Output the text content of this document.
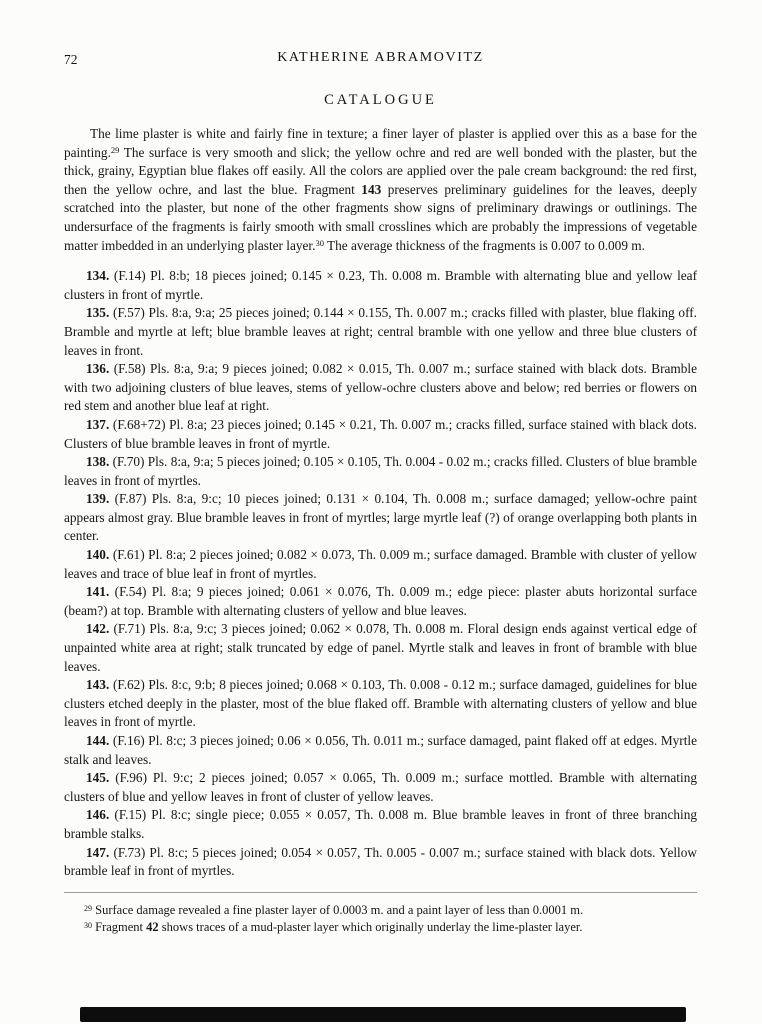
72	KATHERINE ABRAMOVITZ
CATALOGUE

The lime plaster is white and fairly fine in texture; a finer layer of plaster is applied over this as a base for the painting.$^{29}$ The surface is very smooth and slick; the yellow ochre and red are well bonded with the plaster, but the thick, grainy, Egyptian blue flakes off easily. All the colors are applied over the pale cream background: the red first, then the yellow ochre, and last the blue. Fragment 143 preserves preliminary guidelines for the leaves, deeply scratched into the plaster, but none of the other fragments show signs of preliminary drawings or outlinings. The undersurface of the fragments is fairly smooth with small crosslines which are probably the impressions of vegetable matter imbedded in an underlying plaster layer.$^{30}$ The average thickness of the fragments is 0.007 to 0.009 m.

134. (F.14) Pl. 8:b; 18 pieces joined; 0.145 × 0.23, Th. 0.008 m. Bramble with alternating blue and yellow leaf clusters in front of myrtle.

135. (F.57) Pls. 8:a, 9:a; 25 pieces joined; 0.144 × 0.155, Th. 0.007 m.; cracks filled with plaster, blue flaking off. Bramble and myrtle at left; blue bramble leaves at right; central bramble with one yellow and three blue clusters of leaves in front.

136. (F.58) Pls. 8:a, 9:a; 9 pieces joined; 0.082 × 0.015, Th. 0.007 m.; surface stained with black dots. Bramble with two adjoining clusters of blue leaves, stems of yellow-ochre clusters above and below; red berries or flowers on red stem and another blue leaf at right.

137. (F.68+72) Pl. 8:a; 23 pieces joined; 0.145 × 0.21, Th. 0.007 m.; cracks filled, surface stained with black dots. Clusters of blue bramble leaves in front of myrtle.

138. (F.70) Pls. 8:a, 9:a; 5 pieces joined; 0.105 × 0.105, Th. 0.004 - 0.02 m.; cracks filled. Clusters of blue bramble leaves in front of myrtles.

139. (F.87) Pls. 8:a, 9:c; 10 pieces joined; 0.131 × 0.104, Th. 0.008 m.; surface damaged; yellow-ochre paint appears almost gray. Blue bramble leaves in front of myrtles; large myrtle leaf (?) of orange overlapping both plants in center.

140. (F.61) Pl. 8:a; 2 pieces joined; 0.082 × 0.073, Th. 0.009 m.; surface damaged. Bramble with cluster of yellow leaves and trace of blue leaf in front of myrtles.

141. (F.54) Pl. 8:a; 9 pieces joined; 0.061 × 0.076, Th. 0.009 m.; edge piece: plaster abuts horizontal surface (beam?) at top. Bramble with alternating clusters of yellow and blue leaves.

142. (F.71) Pls. 8:a, 9:c; 3 pieces joined; 0.062 × 0.078, Th. 0.008 m. Floral design ends against vertical edge of unpainted white area at right; stalk truncated by edge of panel. Myrtle stalk and leaves in front of bramble with blue leaves.

143. (F.62) Pls. 8:c, 9:b; 8 pieces joined; 0.068 × 0.103, Th. 0.008 - 0.12 m.; surface damaged, guidelines for blue clusters etched deeply in the plaster, most of the blue flaked off. Bramble with alternating clusters of yellow and blue leaves in front of myrtle.

144. (F.16) Pl. 8:c; 3 pieces joined; 0.06 × 0.056, Th. 0.011 m.; surface damaged, paint flaked off at edges. Myrtle stalk and leaves.

145. (F.96) Pl. 9:c; 2 pieces joined; 0.057 × 0.065, Th. 0.009 m.; surface mottled. Bramble with alternating clusters of blue and yellow leaves in front of cluster of yellow leaves.

146. (F.15) Pl. 8:c; single piece; 0.055 × 0.057, Th. 0.008 m. Blue bramble leaves in front of three branching bramble stalks.

147. (F.73) Pl. 8:c; 5 pieces joined; 0.054 × 0.057, Th. 0.005 - 0.007 m.; surface stained with black dots. Yellow bramble leaf in front of myrtles.

$^{29}$ Surface damage revealed a fine plaster layer of 0.0003 m. and a paint layer of less than 0.0001 m.

$^{30}$ Fragment 42 shows traces of a mud-plaster layer which originally underlay the lime-plaster layer.
